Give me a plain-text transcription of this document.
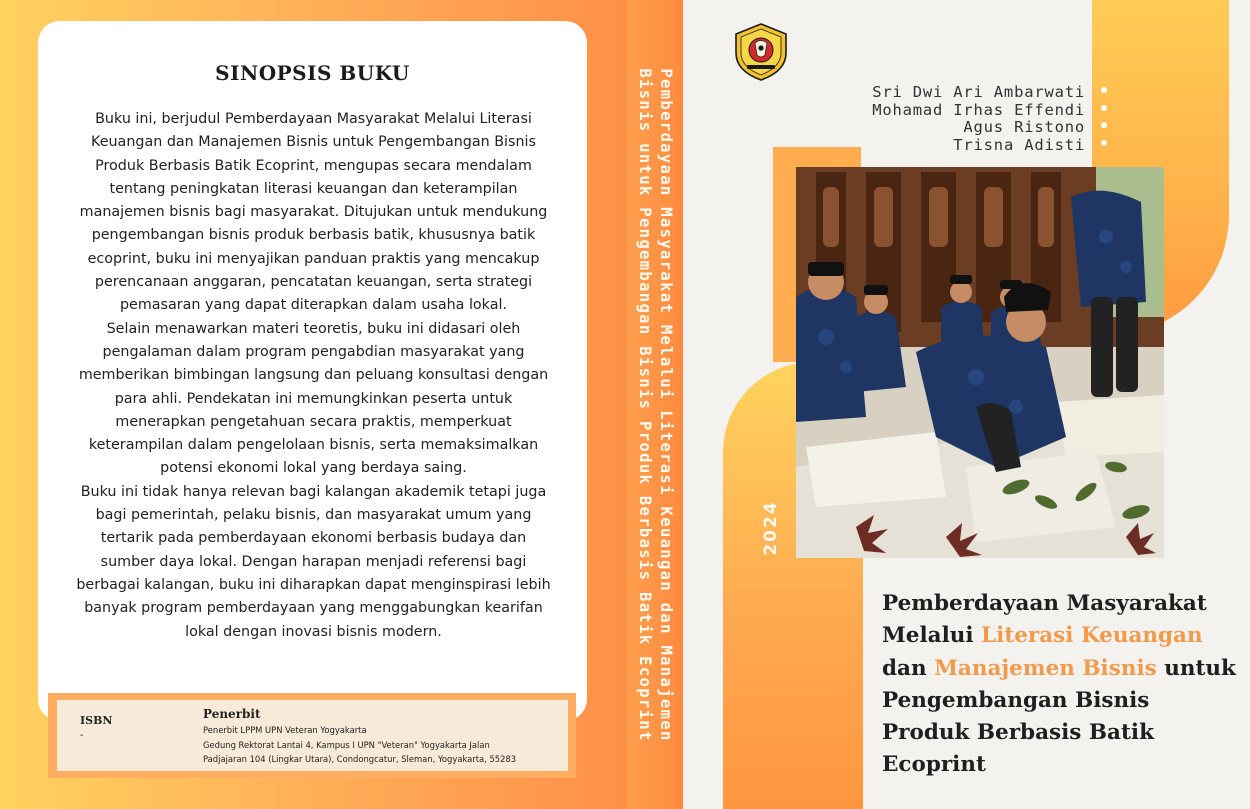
SINOPSIS BUKU

Buku ini, berjudul Pemberdayaan Masyarakat Melalui Literasi Keuangan dan Manajemen Bisnis untuk Pengembangan Bisnis Produk Berbasis Batik Ecoprint, mengupas secara mendalam tentang peningkatan literasi keuangan dan keterampilan manajemen bisnis bagi masyarakat. Ditujukan untuk mendukung pengembangan bisnis produk berbasis batik, khususnya batik ecoprint, buku ini menyajikan panduan praktis yang mencakup perencanaan anggaran, pencatatan keuangan, serta strategi pemasaran yang dapat diterapkan dalam usaha lokal.

Selain menawarkan materi teoretis, buku ini didasari oleh pengalaman dalam program pengabdian masyarakat yang memberikan bimbingan langsung dan peluang konsultasi dengan para ahli. Pendekatan ini memungkinkan peserta untuk menerapkan pengetahuan secara praktis, memperkuat keterampilan dalam pengelolaan bisnis, serta memaksimalkan potensi ekonomi lokal yang berdaya saing.

Buku ini tidak hanya relevan bagi kalangan akademik tetapi juga bagi pemerintah, pelaku bisnis, dan masyarakat umum yang tertarik pada pemberdayaan ekonomi berbasis budaya dan sumber daya lokal. Dengan harapan menjadi referensi bagi berbagai kalangan, buku ini diharapkan dapat menginspirasi lebih banyak program pemberdayaan yang menggabungkan kearifan lokal dengan inovasi bisnis modern.

ISBN
-
Penerbit
Penerbit LPPM UPN Veteran Yogyakarta
Gedung Rektorat Lantai 4, Kampus I UPN "Veteran" Yogyakarta Jalan
Padjajaran 104 (Lingkar Utara), Condongcatur, Sleman, Yogyakarta, 55283
Pemberdayaan Masyarakat Melalui Literasi Keuangan dan Manajemen
Bisnis untuk Pengembangan Bisnis Produk Berbasis Batik Ecoprint	2024
Sri Dwi Ari Ambarwati
Mohamad Irhas Effendi
Agus Ristono
Trisna Adisti
Pemberdayaan Masyarakat Melalui Literasi Keuangan dan Manajemen Bisnis untuk Pengembangan Bisnis Produk Berbasis Batik Ecoprint
